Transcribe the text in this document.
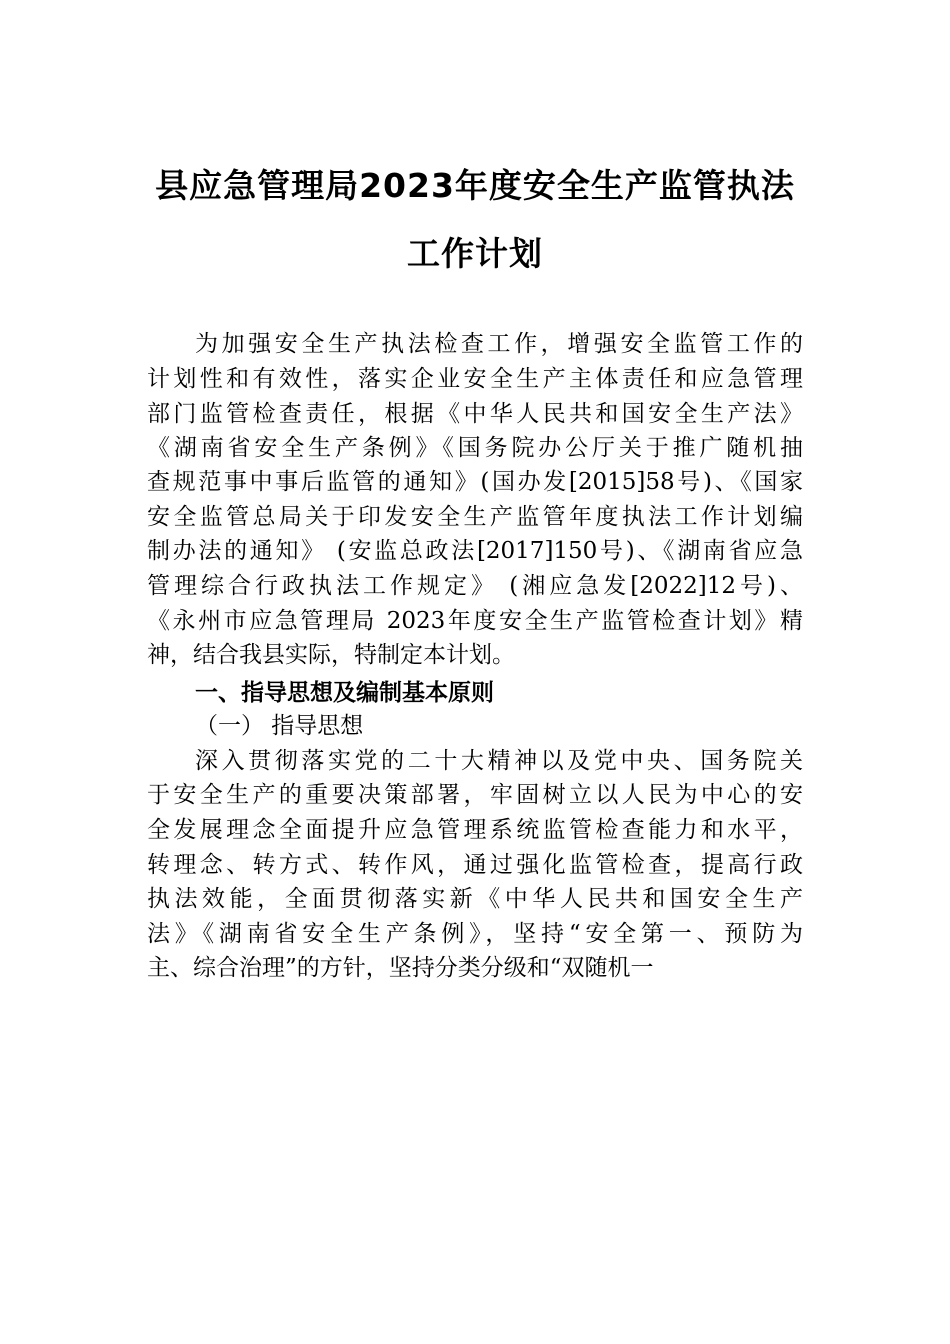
县应急管理局2023年度安全生产监管执法
工作计划
为加强安全生产执法检查工作，增强安全监管工作的
计划性和有效性，落实企业安全生产主体责任和应急管理
部门监管检查责任，根据《中华人民共和国安全生产法》
《湖南省安全生产条例》《国务院办公厅关于推广随机抽
查规范事中事后监管的通知》(国办发[2015]58号)、《国家
安全监管总局关于印发安全生产监管年度执法工作计划编
制办法的通知》 (安监总政法[2017]150号)、《湖南省应急
管理综合行政执法工作规定》 (湘应急发[2022]12号)、
《永州市应急管理局 2023年度安全生产监管检查计划》精
神，结合我县实际，特制定本计划。
一、指导思想及编制基本原则
（一） 指导思想
深入贯彻落实党的二十大精神以及党中央、国务院关
于安全生产的重要决策部署，牢固树立以人民为中心的安
全发展理念全面提升应急管理系统监管检查能力和水平，
转理念、转方式、转作风，通过强化监管检查，提高行政
执法效能，全面贯彻落实新《中华人民共和国安全生产
法》《湖南省安全生产条例》，坚持“安全第一、预防为
主、综合治理”的方针，坚持分类分级和“双随机一
